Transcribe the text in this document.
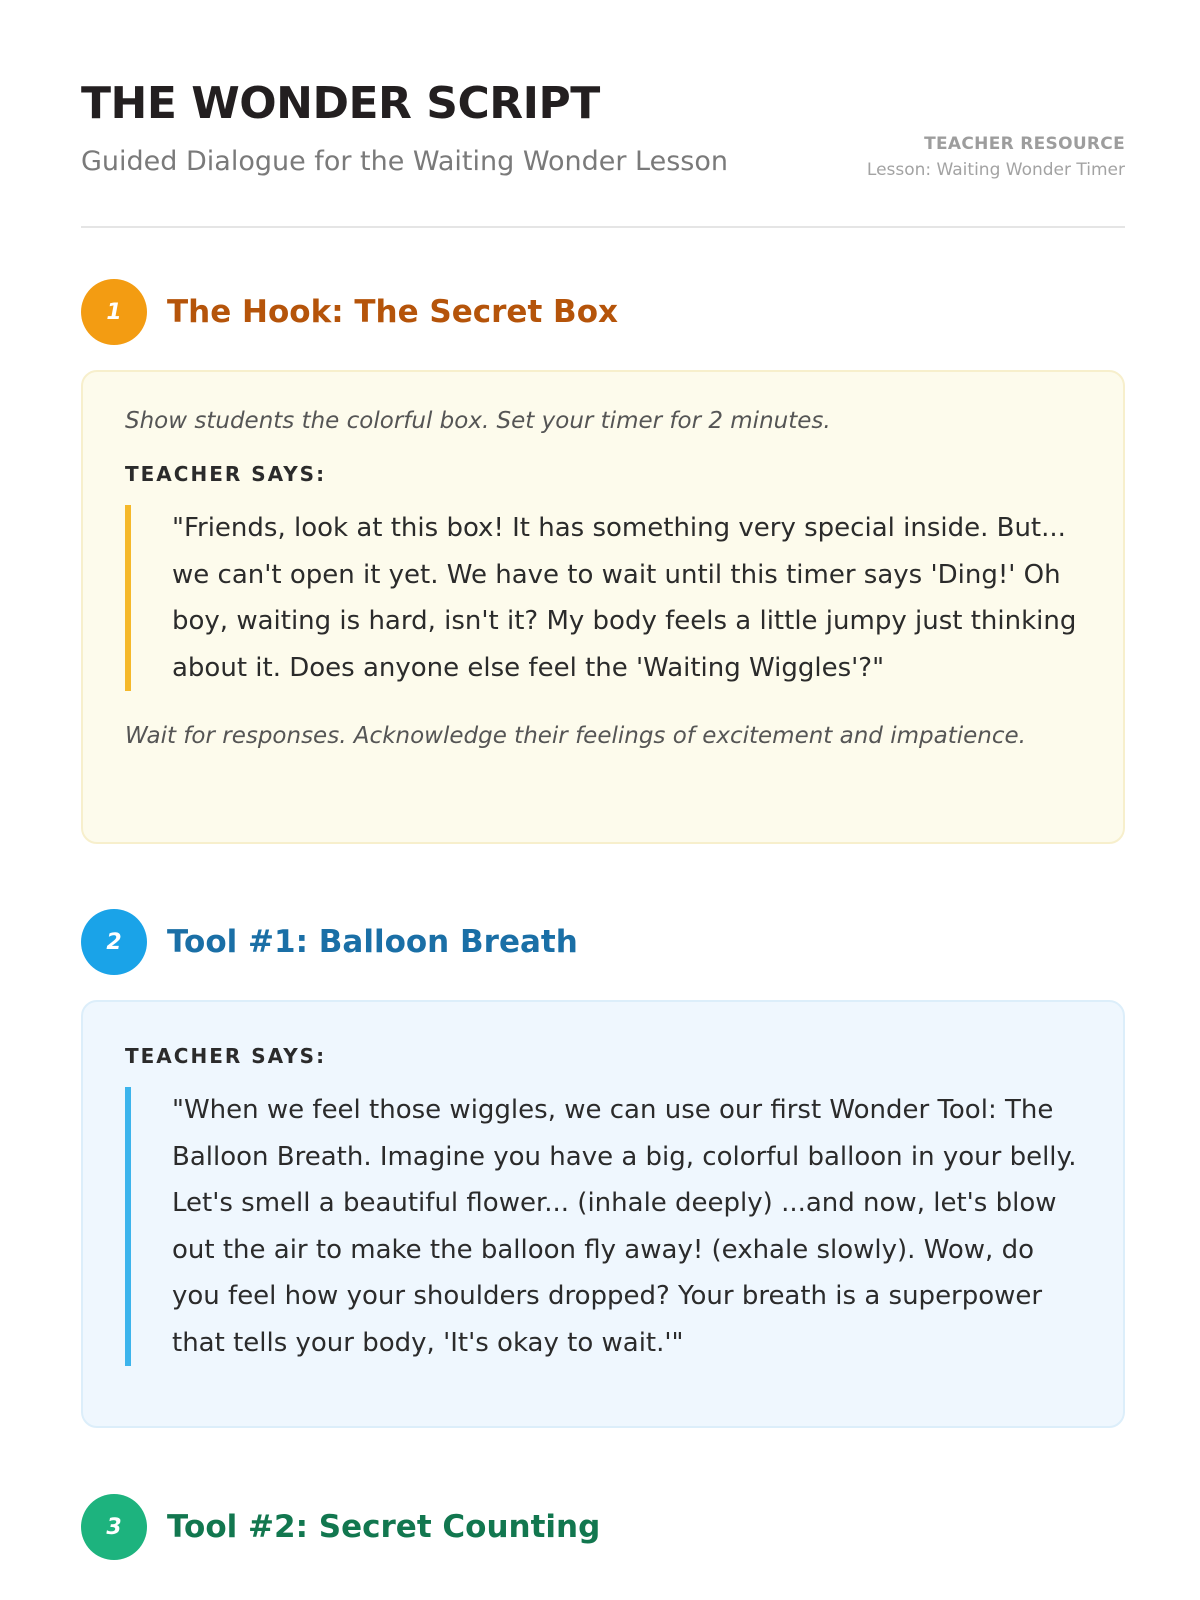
THE WONDER SCRIPT

Guided Dialogue for the Waiting Wonder Lesson

TEACHER RESOURCE
Lesson: Waiting Wonder Timer
1	The Hook: The Secret Box

Show students the colorful box. Set your timer for 2 minutes.

TEACHER SAYS:

"Friends, look at this box! It has something very special inside. But... we can't open it yet. We have to wait until this timer says 'Ding!' Oh boy, waiting is hard, isn't it? My body feels a little jumpy just thinking about it. Does anyone else feel the 'Waiting Wiggles'?"

Wait for responses. Acknowledge their feelings of excitement and impatience.

2	Tool #1: Balloon Breath

TEACHER SAYS:

"When we feel those wiggles, we can use our first Wonder Tool: The Balloon Breath. Imagine you have a big, colorful balloon in your belly. Let's smell a beautiful flower... (inhale deeply) ...and now, let's blow out the air to make the balloon fly away! (exhale slowly). Wow, do you feel how your shoulders dropped? Your breath is a superpower that tells your body, 'It's okay to wait.'"

3	Tool #2: Secret Counting
